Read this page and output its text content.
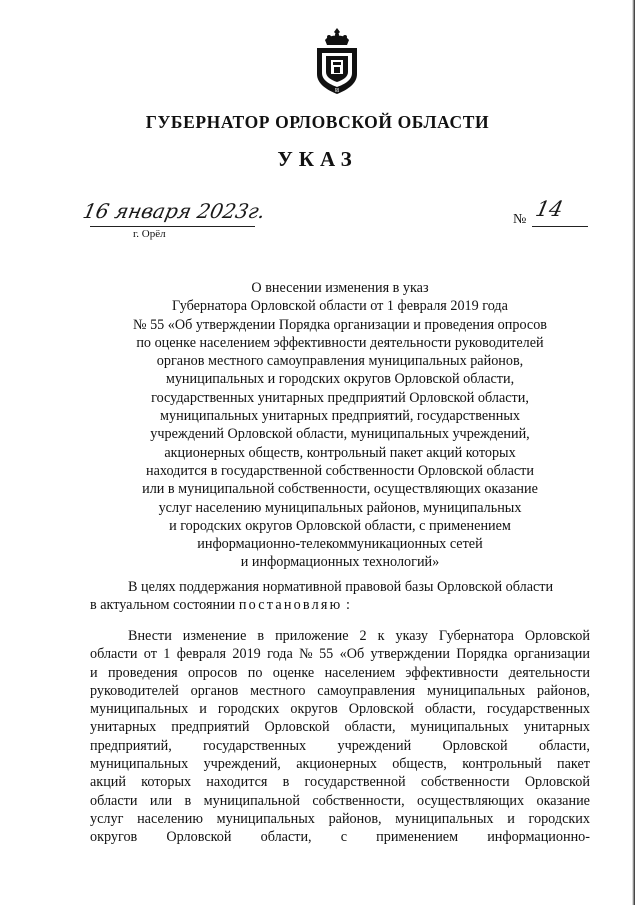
₪
ГУБЕРНАТОР ОРЛОВСКОЙ ОБЛАСТИ
УКАЗ
16 января 2023г.
г. Орёл
№ 14
О внесении изменения в указ
Губернатора Орловской области от 1 февраля 2019 года
№ 55 «Об утверждении Порядка организации и проведения опросов
по оценке населением эффективности деятельности руководителей
органов местного самоуправления муниципальных районов,
муниципальных и городских округов Орловской области,
государственных унитарных предприятий Орловской области,
муниципальных унитарных предприятий, государственных
учреждений Орловской области, муниципальных учреждений,
акционерных обществ, контрольный пакет акций которых
находится в государственной собственности Орловской области
или в муниципальной собственности, осуществляющих оказание
услуг населению муниципальных районов, муниципальных
и городских округов Орловской области, с применением
информационно-телекоммуникационных сетей
и информационных технологий»
В целях поддержания нормативной правовой базы Орловской области
в актуальном состоянии постановляю :
Внести изменение в приложение 2 к указу Губернатора Орловской
области от 1 февраля 2019 года № 55 «Об утверждении Порядка организации
и проведения опросов по оценке населением эффективности деятельности
руководителей органов местного самоуправления муниципальных районов,
муниципальных и городских округов Орловской области, государственных
унитарных предприятий Орловской области, муниципальных унитарных
предприятий, государственных учреждений Орловской области,
муниципальных учреждений, акционерных обществ, контрольный пакет
акций которых находится в государственной собственности Орловской
области или в муниципальной собственности, осуществляющих оказание
услуг населению муниципальных районов, муниципальных и городских
округов Орловской области, с применением информационно-
